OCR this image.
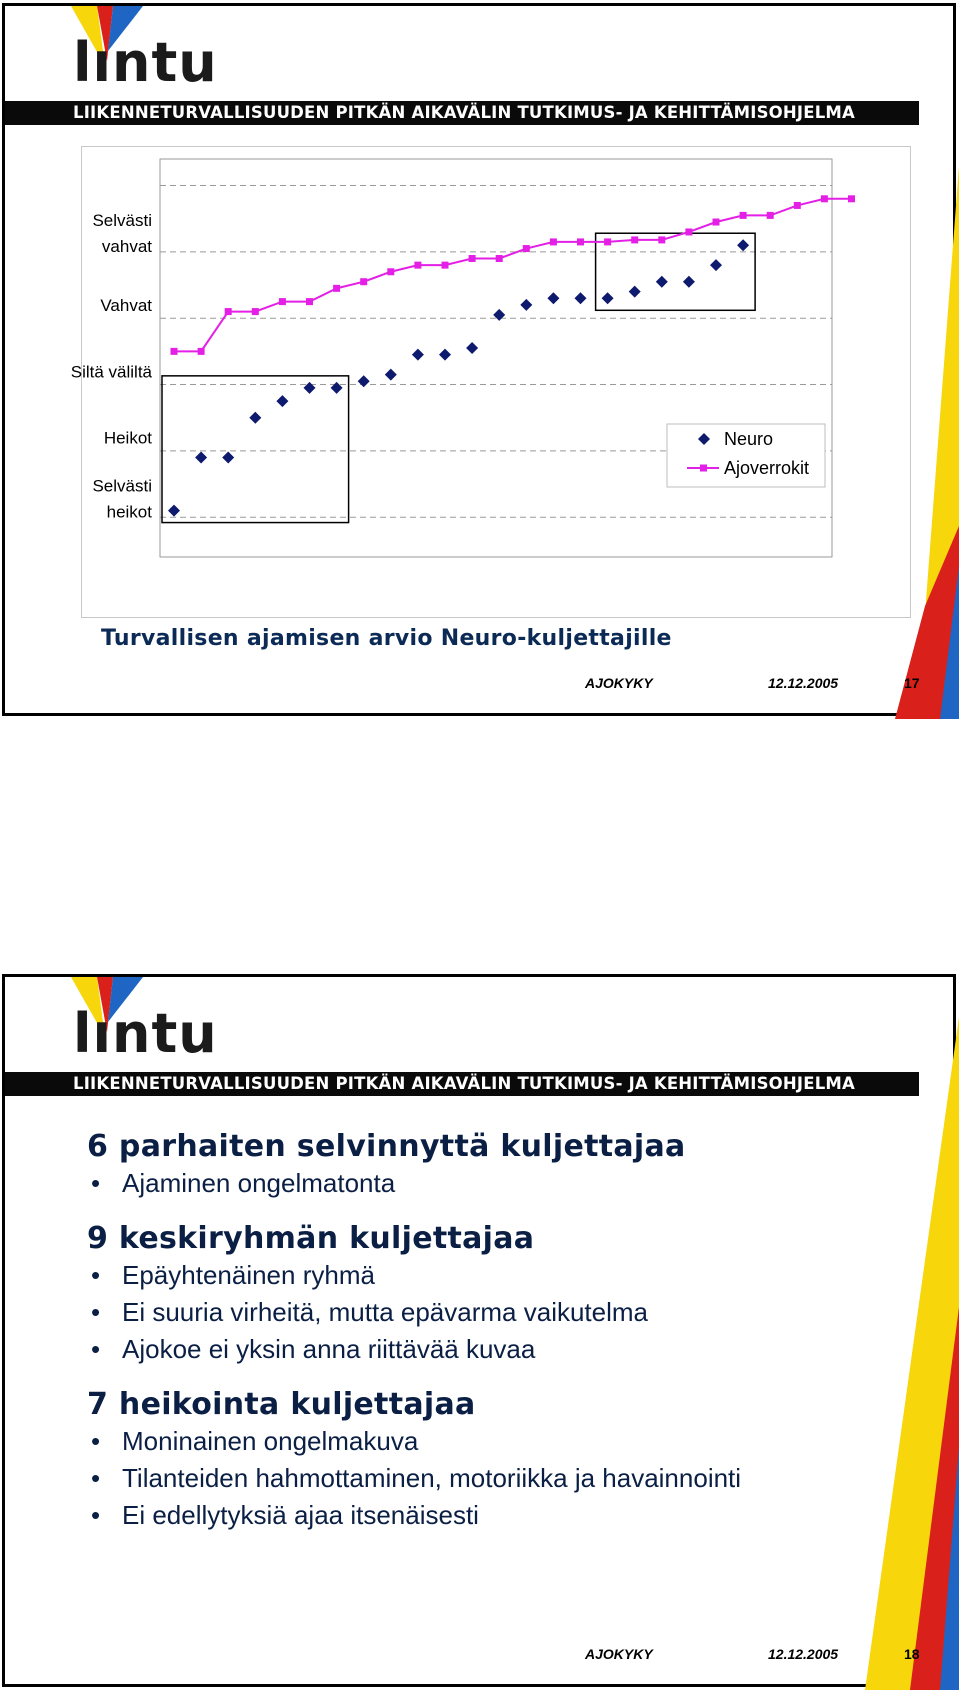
lıntu
LIIKENNETURVALLISUUDEN PITKÄN AIKAVÄLIN TUTKIMUS- JA KEHITTÄMISOHJELMA
Selvästi heikot
Heikot
Siltä väliltä
Vahvat
Selvästi vahvat
Neuro
Ajoverrokit
Turvallisen ajamisen arvio Neuro-kuljettajille
AJOKYKY	12.12.2005	17
lıntu
LIIKENNETURVALLISUUDEN PITKÄN AIKAVÄLIN TUTKIMUS- JA KEHITTÄMISOHJELMA
6 parhaiten selvinnyttä kuljettajaa
• Ajaminen ongelmatonta
9 keskiryhmän kuljettajaa
• Epäyhtenäinen ryhmä
• Ei suuria virheitä, mutta epävarma vaikutelma
• Ajokoe ei yksin anna riittävää kuvaa
7 heikointa kuljettajaa
• Moninainen ongelmakuva
• Tilanteiden hahmottaminen, motoriikka ja havainnointi
• Ei edellytyksiä ajaa itsenäisesti
AJOKYKY	12.12.2005	18
